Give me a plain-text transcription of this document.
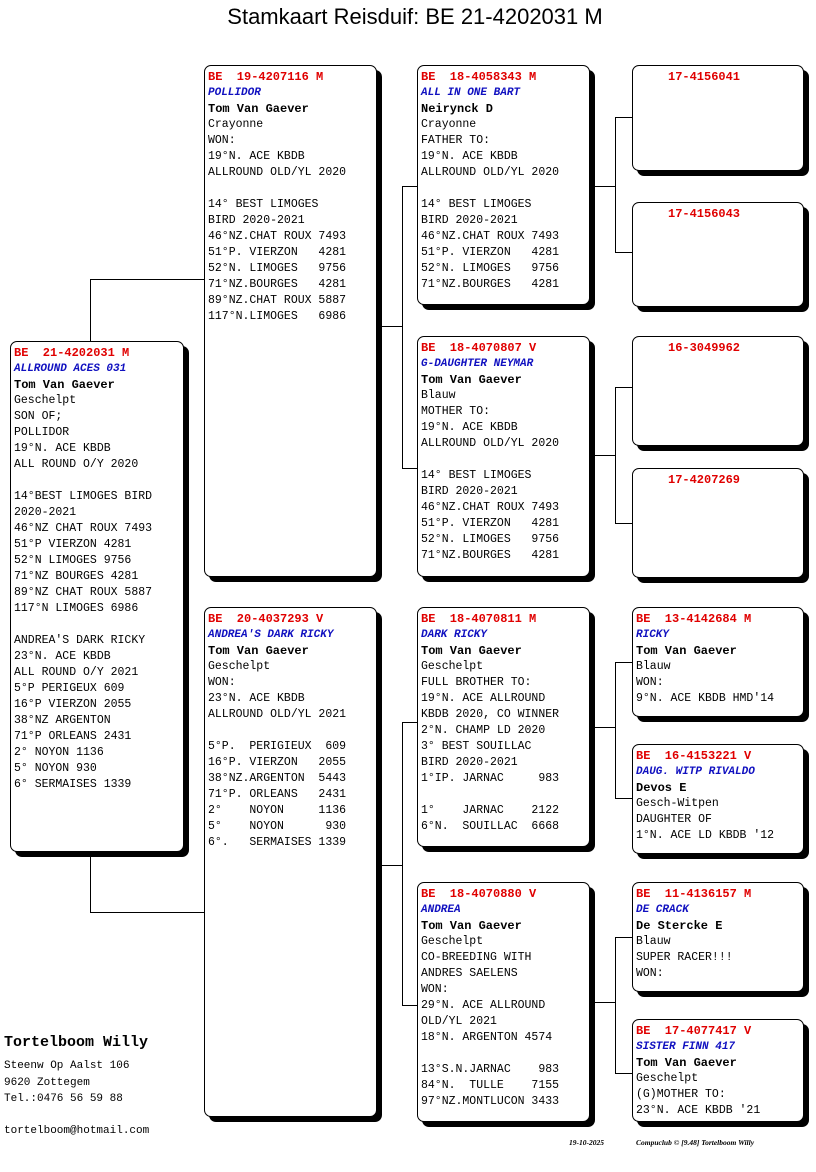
Stamkaart Reisduif: BE 21-4202031 M
BE  21-4202031 M
ALLROUND ACES 031
Tom Van Gaever
Geschelpt
SON OF;
POLLIDOR
19°N. ACE KBDB
ALL ROUND O/Y 2020
14°BEST LIMOGES BIRD
2020-2021
46°NZ CHAT ROUX 7493
51°P VIERZON 4281
52°N LIMOGES 9756
71°NZ BOURGES 4281
89°NZ CHAT ROUX 5887
117°N LIMOGES 6986
ANDREA'S DARK RICKY
23°N. ACE KBDB
ALL ROUND O/Y 2021
5°P PERIGEUX 609
16°P VIERZON 2055
38°NZ ARGENTON
71°P ORLEANS 2431
2° NOYON 1136
5° NOYON 930
6° SERMAISES 1339
BE  19-4207116 M
POLLIDOR
Tom Van Gaever
Crayonne
WON:
19°N. ACE KBDB
ALLROUND OLD/YL 2020
14° BEST LIMOGES
BIRD 2020-2021
46°NZ.CHAT ROUX 7493
51°P. VIERZON   4281
52°N. LIMOGES   9756
71°NZ.BOURGES   4281
89°NZ.CHAT ROUX 5887
117°N.LIMOGES   6986
BE  20-4037293 V
ANDREA'S DARK RICKY
Tom Van Gaever
Geschelpt
WON:
23°N. ACE KBDB
ALLROUND OLD/YL 2021
5°P.  PERIGIEUX  609
16°P. VIERZON   2055
38°NZ.ARGENTON  5443
71°P. ORLEANS   2431
2°    NOYON     1136
5°    NOYON      930
6°.   SERMAISES 1339
BE  18-4058343 M
ALL IN ONE BART
Neirynck D
Crayonne
FATHER TO:
19°N. ACE KBDB
ALLROUND OLD/YL 2020
14° BEST LIMOGES
BIRD 2020-2021
46°NZ.CHAT ROUX 7493
51°P. VIERZON   4281
52°N. LIMOGES   9756
71°NZ.BOURGES   4281
BE  18-4070807 V
G-DAUGHTER NEYMAR
Tom Van Gaever
Blauw
MOTHER TO:
19°N. ACE KBDB
ALLROUND OLD/YL 2020
14° BEST LIMOGES
BIRD 2020-2021
46°NZ.CHAT ROUX 7493
51°P. VIERZON   4281
52°N. LIMOGES   9756
71°NZ.BOURGES   4281
BE  18-4070811 M
DARK RICKY
Tom Van Gaever
Geschelpt
FULL BROTHER TO:
19°N. ACE ALLROUND
KBDB 2020, CO WINNER
2°N. CHAMP LD 2020
3° BEST SOUILLAC
BIRD 2020-2021
1°IP. JARNAC     983
1°    JARNAC    2122
6°N.  SOUILLAC  6668
BE  18-4070880 V
ANDREA
Tom Van Gaever
Geschelpt
CO-BREEDING WITH
ANDRES SAELENS
WON:
29°N. ACE ALLROUND
OLD/YL 2021
18°N. ARGENTON 4574
13°S.N.JARNAC    983
84°N.  TULLE    7155
97°NZ.MONTLUCON 3433
17-4156041
17-4156043
16-3049962
17-4207269
BE  13-4142684 M
RICKY
Tom Van Gaever
Blauw
WON:
9°N. ACE KBDB HMD'14
BE  16-4153221 V
DAUG. WITP RIVALDO
Devos E
Gesch-Witpen
DAUGHTER OF
1°N. ACE LD KBDB '12
BE  11-4136157 M
DE CRACK
De Stercke E
Blauw
SUPER RACER!!!
WON:
BE  17-4077417 V
SISTER FINN 417
Tom Van Gaever
Geschelpt
(G)MOTHER TO:
23°N. ACE KBDB '21
Tortelboom Willy
Steenw Op Aalst 106
9620 Zottegem
Tel.:0476 56 59 88
tortelboom@hotmail.com
19-10-2025	Compuclub © [9.48] Tortelboom Willy
